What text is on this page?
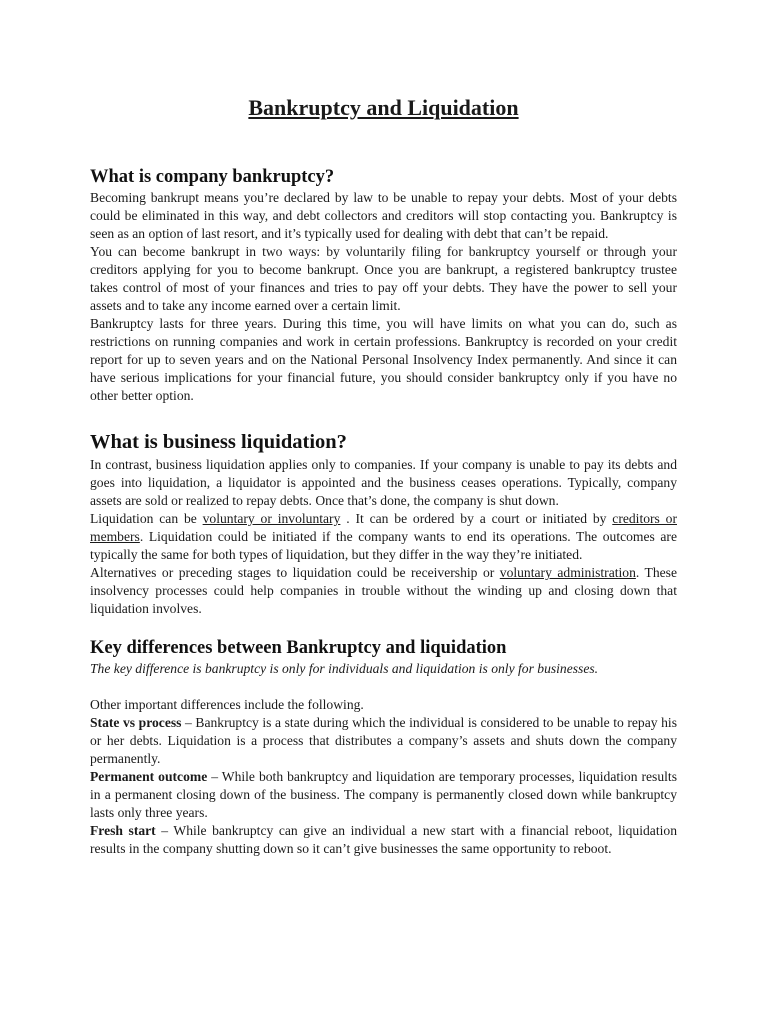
Bankruptcy and Liquidation
What is company bankruptcy?

Becoming bankrupt means you’re declared by law to be unable to repay your debts. Most of your debts could be eliminated in this way, and debt collectors and creditors will stop contacting you. Bankruptcy is seen as an option of last resort, and it’s typically used for dealing with debt that can’t be repaid.

You can become bankrupt in two ways: by voluntarily filing for bankruptcy yourself or through your creditors applying for you to become bankrupt. Once you are bankrupt, a registered bankruptcy trustee takes control of most of your finances and tries to pay off your debts. They have the power to sell your assets and to take any income earned over a certain limit.

Bankruptcy lasts for three years. During this time, you will have limits on what you can do, such as restrictions on running companies and work in certain professions. Bankruptcy is recorded on your credit report for up to seven years and on the National Personal Insolvency Index permanently. And since it can have serious implications for your financial future, you should consider bankruptcy only if you have no other better option.

What is business liquidation?

In contrast, business liquidation applies only to companies. If your company is unable to pay its debts and goes into liquidation, a liquidator is appointed and the business ceases operations. Typically, company assets are sold or realized to repay debts. Once that’s done, the company is shut down.

Liquidation can be voluntary or involuntary . It can be ordered by a court or initiated by creditors or members. Liquidation could be initiated if the company wants to end its operations. The outcomes are typically the same for both types of liquidation, but they differ in the way they’re initiated.

Alternatives or preceding stages to liquidation could be receivership or voluntary administration. These insolvency processes could help companies in trouble without the winding up and closing down that liquidation involves.

Key differences between Bankruptcy and liquidation

The key difference is bankruptcy is only for individuals and liquidation is only for businesses.

Other important differences include the following.

State vs process – Bankruptcy is a state during which the individual is considered to be unable to repay his or her debts. Liquidation is a process that distributes a company’s assets and shuts down the company permanently.

Permanent outcome – While both bankruptcy and liquidation are temporary processes, liquidation results in a permanent closing down of the business. The company is permanently closed down while bankruptcy lasts only three years.

Fresh start – While bankruptcy can give an individual a new start with a financial reboot, liquidation results in the company shutting down so it can’t give businesses the same opportunity to reboot.
